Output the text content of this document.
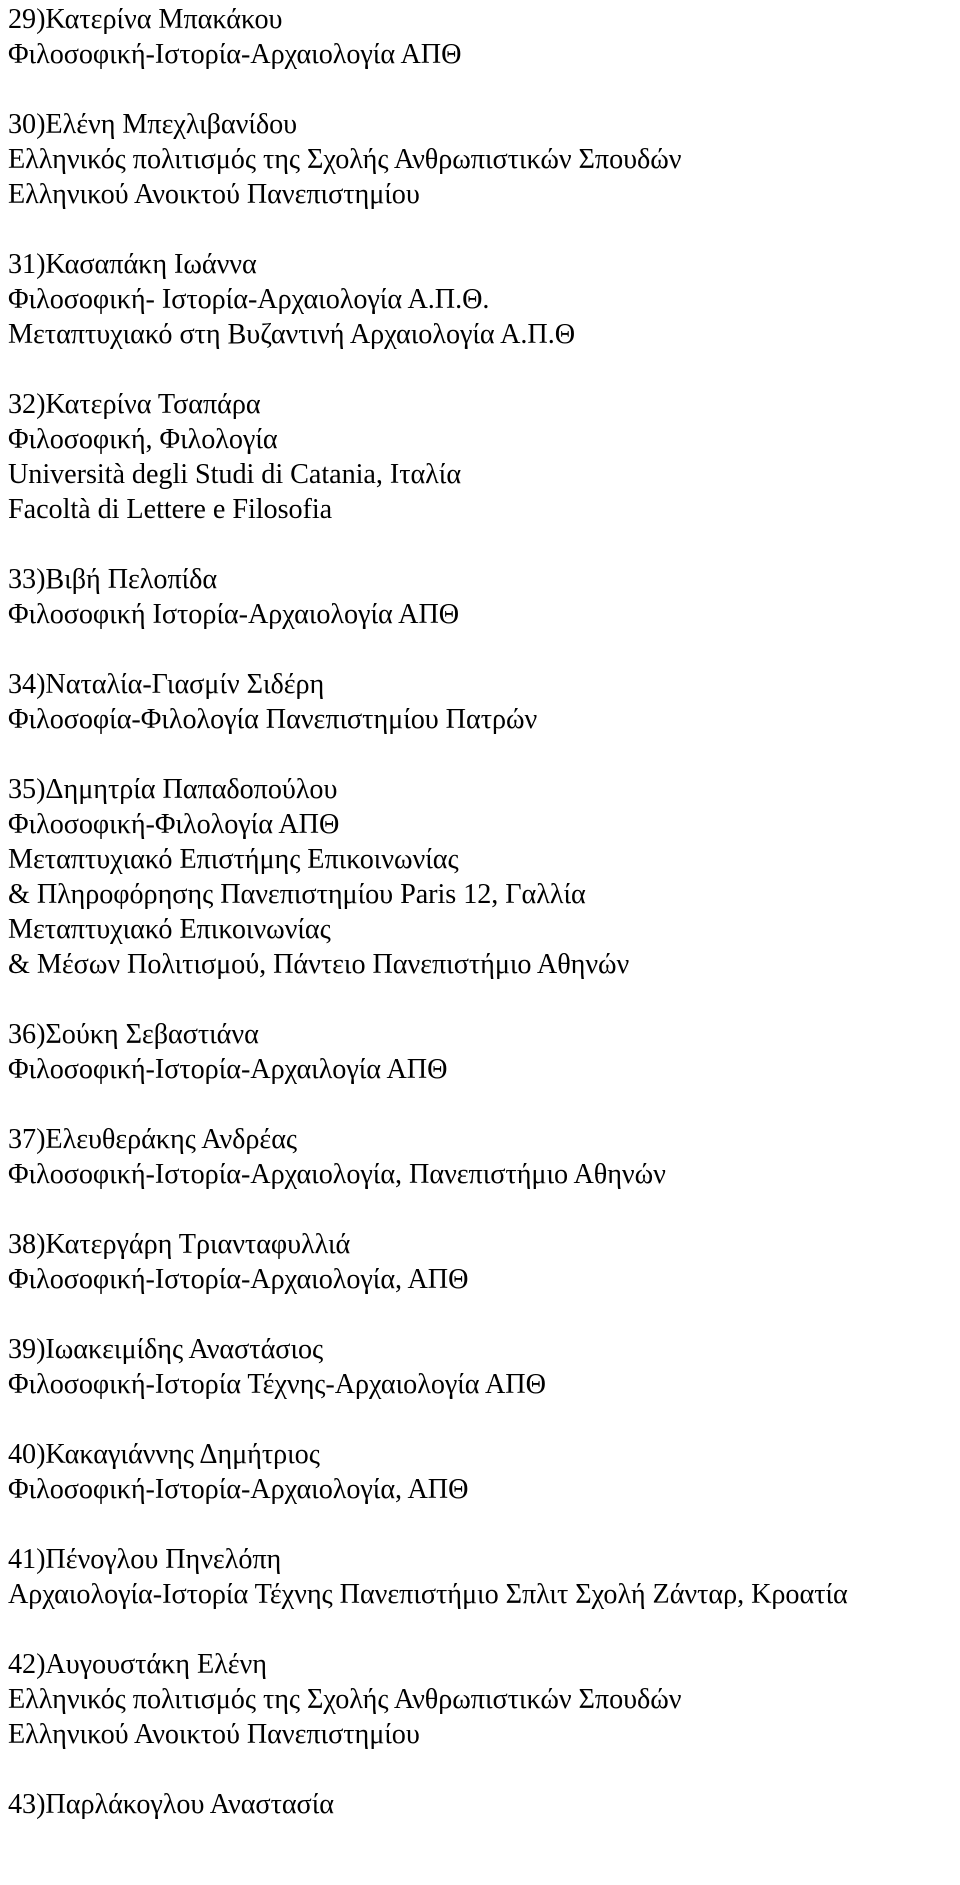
29)Κατερίνα Μπακάκου
Φιλοσοφική-Ιστορία-Αρχαιολογία ΑΠΘ
30)Ελένη Μπεχλιβανίδου
Ελληνικός πολιτισμός της Σχολής Ανθρωπιστικών Σπουδών
Ελληνικού Ανοικτού Πανεπιστημίου
31)Κασαπάκη Ιωάννα
Φιλοσοφική- Ιστορία-Αρχαιολογία Α.Π.Θ.
Μεταπτυχιακό στη Βυζαντινή Αρχαιολογία Α.Π.Θ
32)Κατερίνα Τσαπάρα
Φιλοσοφική, Φιλολογία
Università degli Studi di Catania, Ιταλία
Facoltà di Lettere e Filosofia
33)Βιβή Πελοπίδα
Φιλοσοφική Ιστορία-Αρχαιολογία ΑΠΘ
34)Ναταλία-Γιασμίν Σιδέρη
Φιλοσοφία-Φιλολογία Πανεπιστημίου Πατρών
35)Δημητρία Παπαδοπούλου
Φιλοσοφική-Φιλολογία ΑΠΘ
Μεταπτυχιακό Επιστήμης Επικοινωνίας
& Πληροφόρησης Πανεπιστημίου Paris 12, Γαλλία
Μεταπτυχιακό Επικοινωνίας
& Μέσων Πολιτισμού, Πάντειο Πανεπιστήμιο Αθηνών
36)Σούκη Σεβαστιάνα
Φιλοσοφική-Ιστορία-Αρχαιλογία ΑΠΘ
37)Ελευθεράκης Ανδρέας
Φιλοσοφική-Ιστορία-Αρχαιολογία, Πανεπιστήμιο Αθηνών
38)Κατεργάρη Τριανταφυλλιά
Φιλοσοφική-Ιστορία-Αρχαιολογία, ΑΠΘ
39)Ιωακειμίδης Αναστάσιος
Φιλοσοφική-Ιστορία Τέχνης-Αρχαιολογία ΑΠΘ
40)Κακαγιάννης Δημήτριος
Φιλοσοφική-Ιστορία-Αρχαιολογία, ΑΠΘ
41)Πένογλου Πηνελόπη
Αρχαιολογία-Ιστορία Τέχνης Πανεπιστήμιο Σπλιτ Σχολή Ζάνταρ, Κροατία
42)Αυγουστάκη Ελένη
Ελληνικός πολιτισμός της Σχολής Ανθρωπιστικών Σπουδών
Ελληνικού Ανοικτού Πανεπιστημίου
43)Παρλάκογλου Αναστασία
